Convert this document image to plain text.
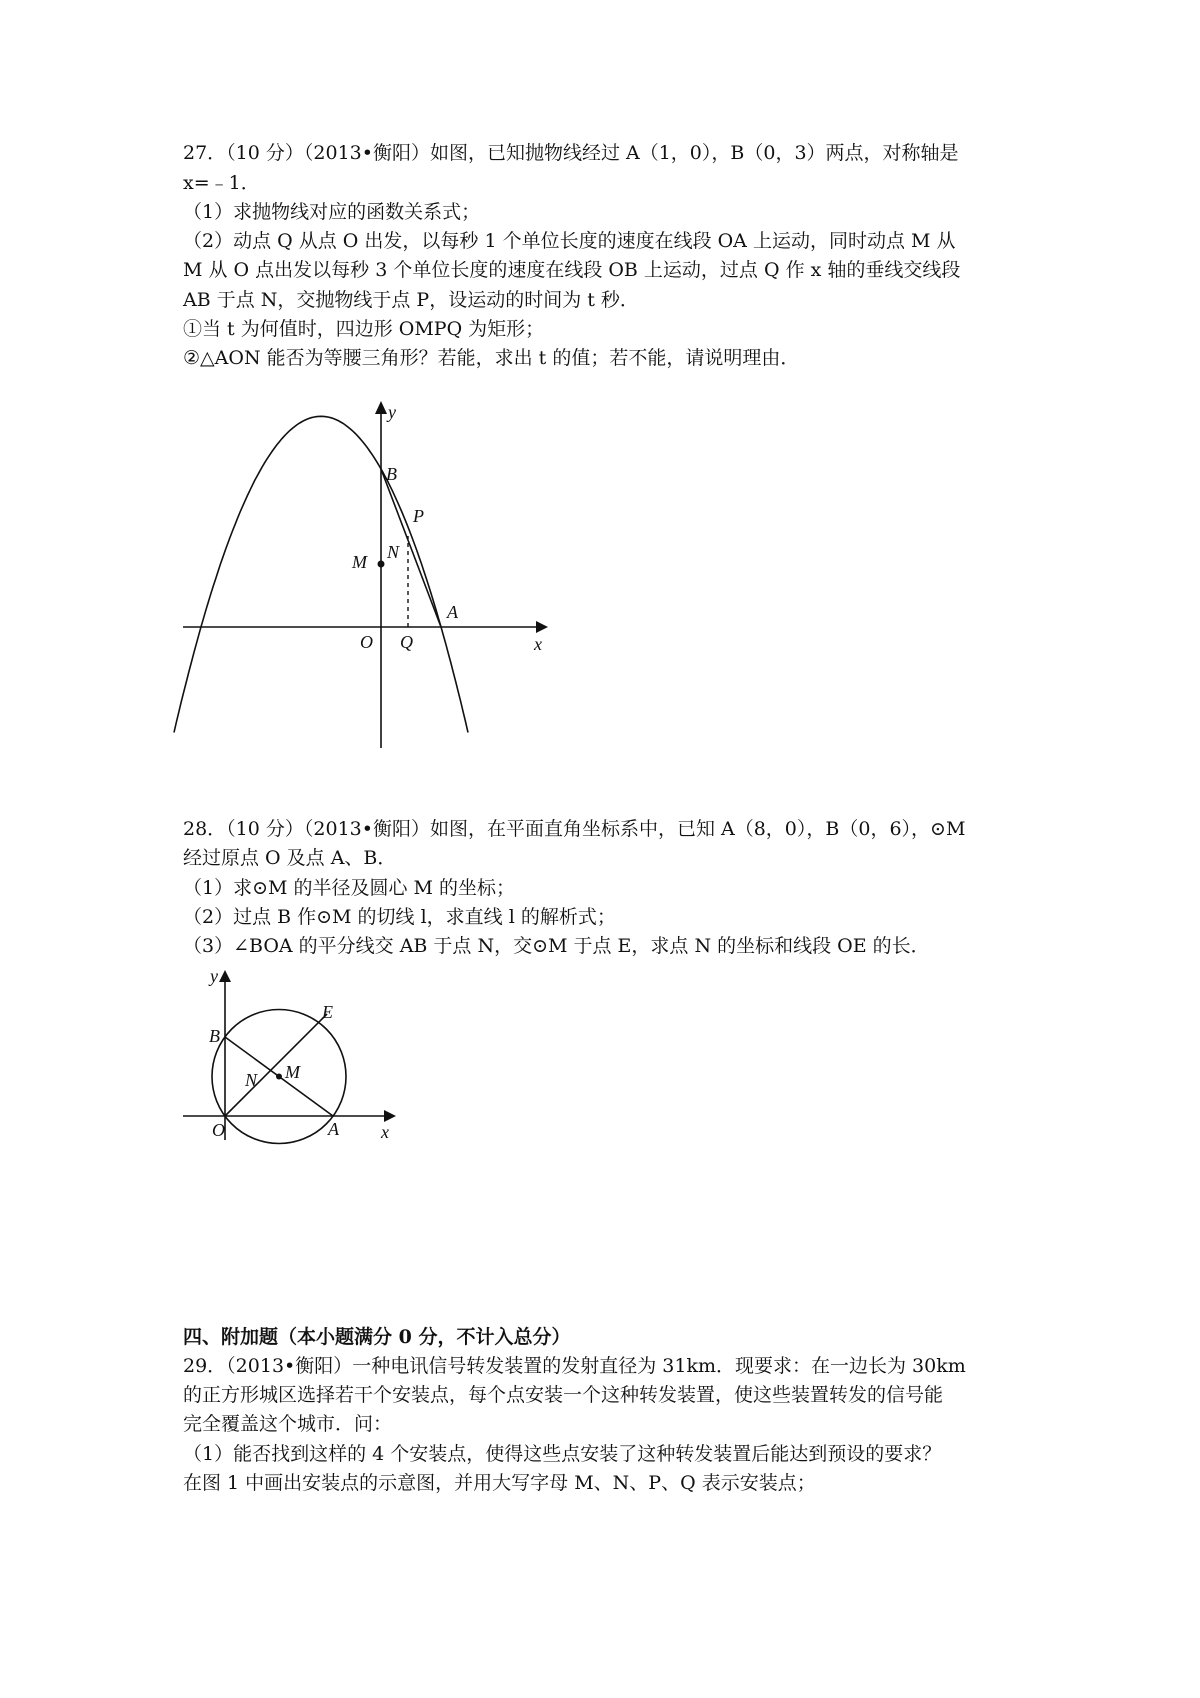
27．（10 分）（2013•衡阳）如图，已知抛物线经过 A（1，0），B（0，3）两点，对称轴是
x=﹣1．
（1）求抛物线对应的函数关系式；
（2）动点 Q 从点 O 出发，以每秒 1 个单位长度的速度在线段 OA 上运动，同时动点 M 从
M 从 O 点出发以每秒 3 个单位长度的速度在线段 OB 上运动，过点 Q 作 x 轴的垂线交线段
AB 于点 N，交抛物线于点 P，设运动的时间为 t 秒．
①当 t 为何值时，四边形 OMPQ 为矩形；
②△AON 能否为等腰三角形？若能，求出 t 的值；若不能，请说明理由．
y
B
P
N
M
O Q
A
x
28．（10 分）（2013•衡阳）如图，在平面直角坐标系中，已知 A（8，0），B（0，6），⊙M
经过原点 O 及点 A、B．
（1）求⊙M 的半径及圆心 M 的坐标；
（2）过点 B 作⊙M 的切线 l，求直线 l 的解析式；
（3）∠BOA 的平分线交 AB 于点 N，交⊙M 于点 E，求点 N 的坐标和线段 OE 的长．
y
B
E
N M
O	A x
四、附加题（本小题满分 0 分，不计入总分）
29．（2013•衡阳）一种电讯信号转发装置的发射直径为 31km．现要求：在一边长为 30km
的正方形城区选择若干个安装点，每个点安装一个这种转发装置，使这些装置转发的信号能
完全覆盖这个城市．问：
（1）能否找到这样的 4 个安装点，使得这些点安装了这种转发装置后能达到预设的要求？
在图 1 中画出安装点的示意图，并用大写字母 M、N、P、Q 表示安装点；
